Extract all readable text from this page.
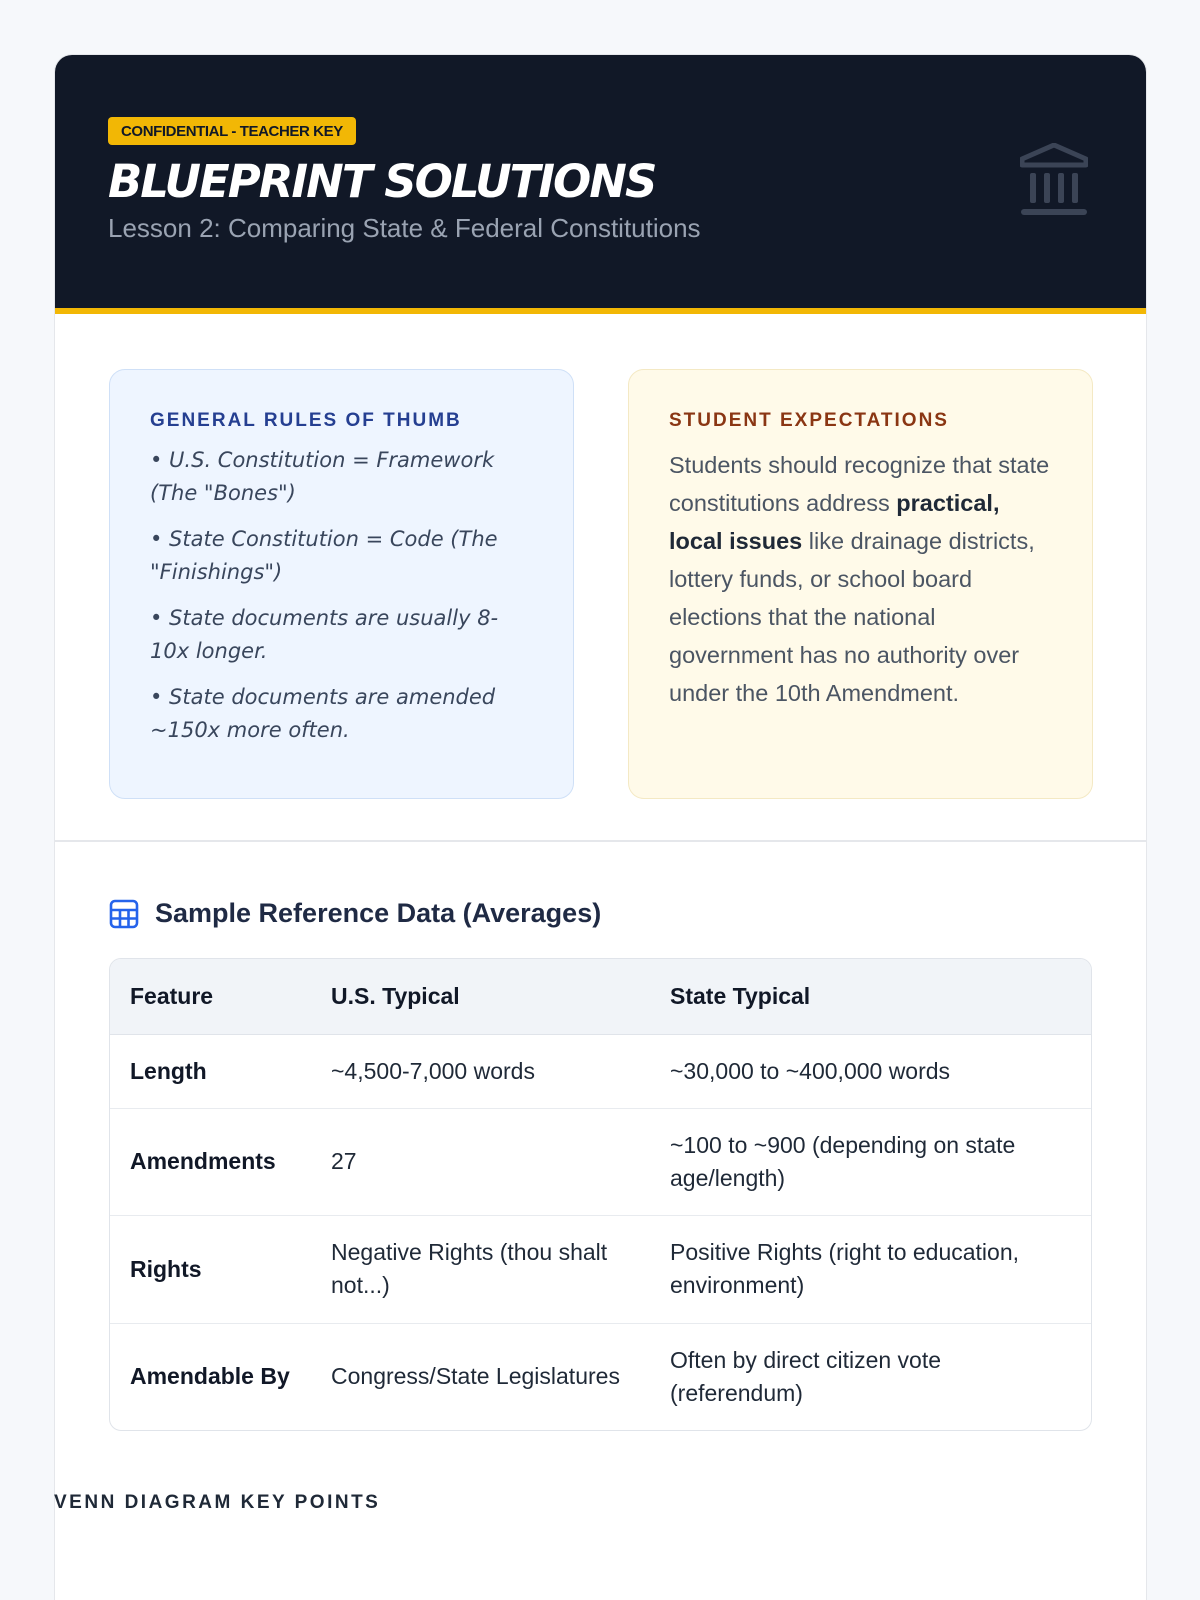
CONFIDENTIAL - TEACHER KEY
BLUEPRINT SOLUTIONS
Lesson 2: Comparing State & Federal Constitutions
GENERAL RULES OF THUMB
• U.S. Constitution = Framework (The "Bones")
• State Constitution = Code (The "Finishings")
• State documents are usually 8-10x longer.
• State documents are amended ~150x more often.
STUDENT EXPECTATIONS

Students should recognize that state constitutions address practical, local issues like drainage districts, lottery funds, or school board elections that the national government has no authority over under the 10th Amendment.

Sample Reference Data (Averages)
Feature	U.S. Typical	State Typical
Length	~4,500-7,000 words	~30,000 to ~400,000 words
Amendments	27	~100 to ~900 (depending on state age/length)
Rights	Negative Rights (thou shalt not...)	Positive Rights (right to education, environment)
Amendable By	Congress/State Legislatures	Often by direct citizen vote (referendum)
VENN DIAGRAM KEY POINTS
